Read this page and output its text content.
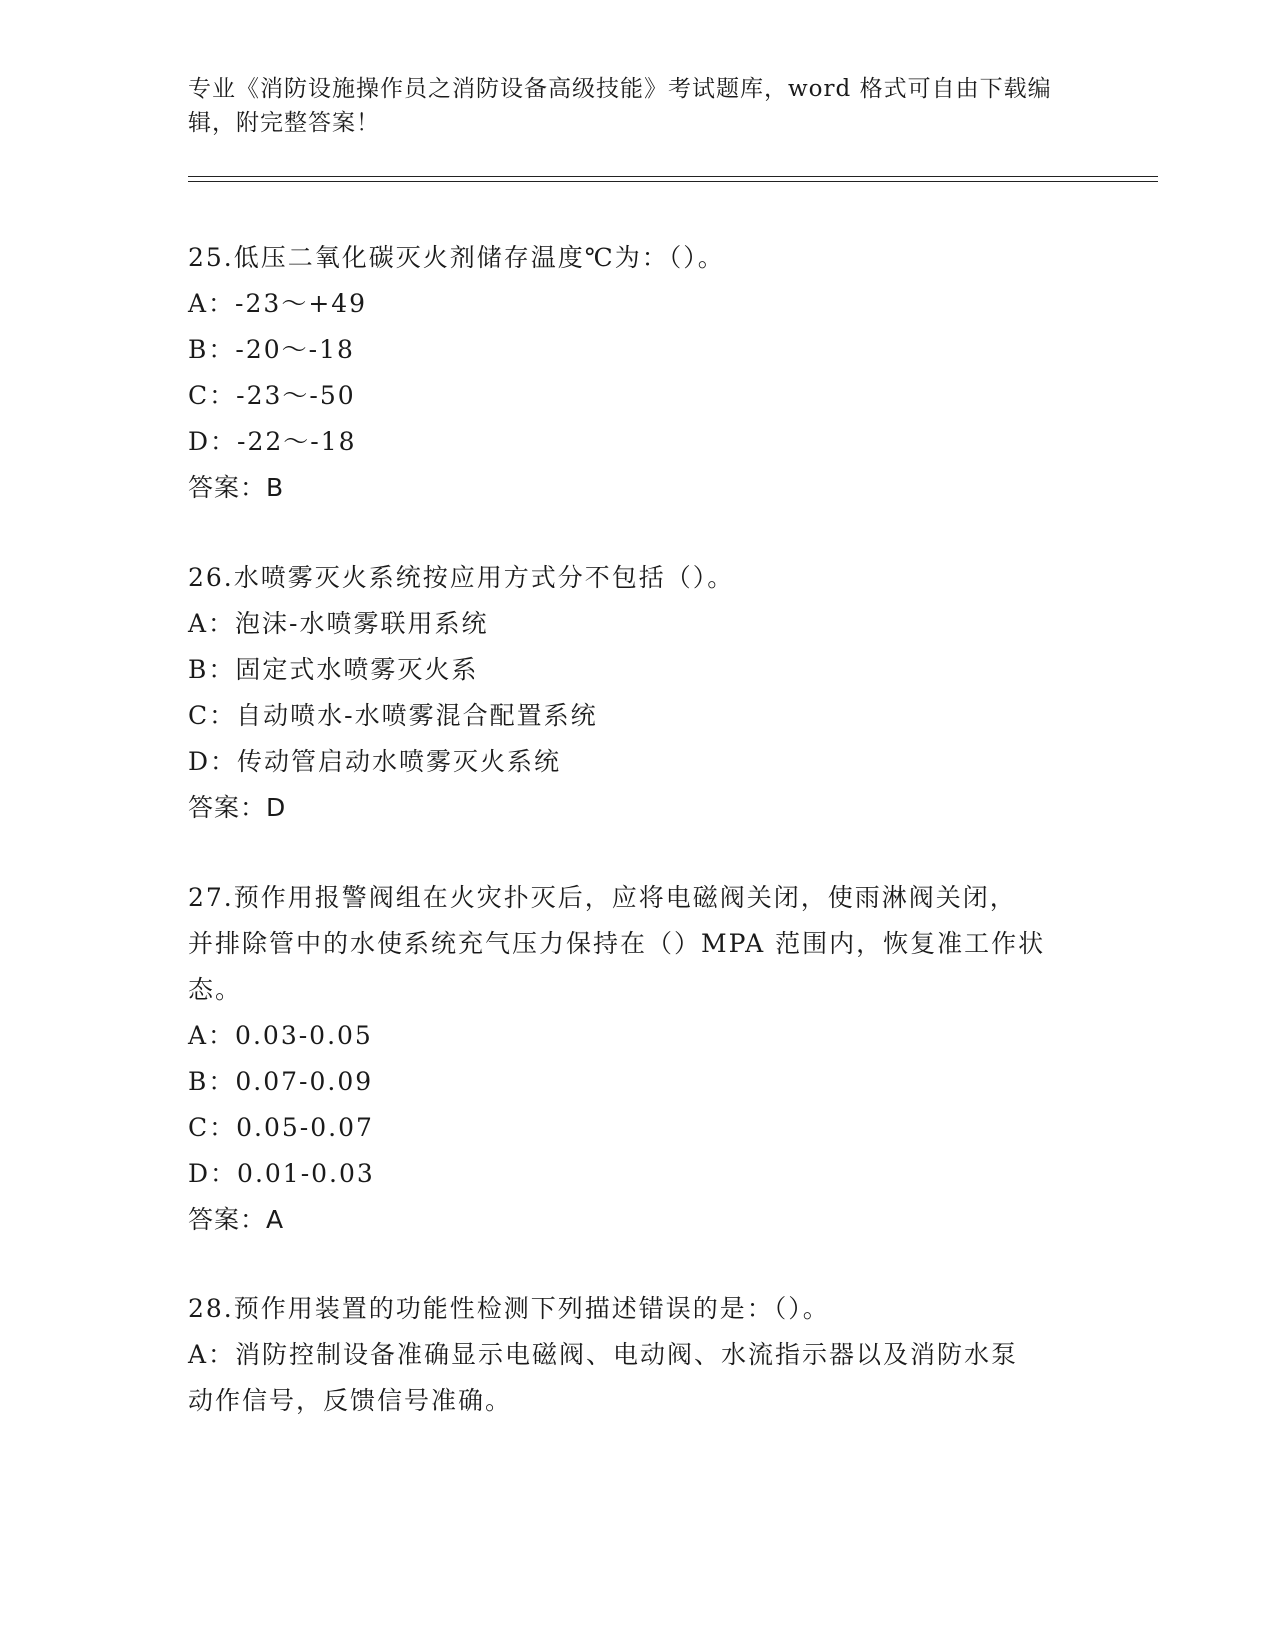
专业《消防设施操作员之消防设备高级技能》考试题库，word 格式可自由下载编
辑，附完整答案！

25.低压二氧化碳灭火剂储存温度℃为：（）。

A：-23～+49

B：-20～-18

C：-23～-50

D：-22～-18

答案：B

26.水喷雾灭火系统按应用方式分不包括（）。

A：泡沫-水喷雾联用系统

B：固定式水喷雾灭火系

C：自动喷水-水喷雾混合配置系统

D：传动管启动水喷雾灭火系统

答案：D

27.预作用报警阀组在火灾扑灭后，应将电磁阀关闭，使雨淋阀关闭，

并排除管中的水使系统充气压力保持在（）MPA 范围内，恢复准工作状

态。

A：0.03-0.05

B：0.07-0.09

C：0.05-0.07

D：0.01-0.03

答案：A

28.预作用装置的功能性检测下列描述错误的是：（）。

A：消防控制设备准确显示电磁阀、电动阀、水流指示器以及消防水泵

动作信号，反馈信号准确。
